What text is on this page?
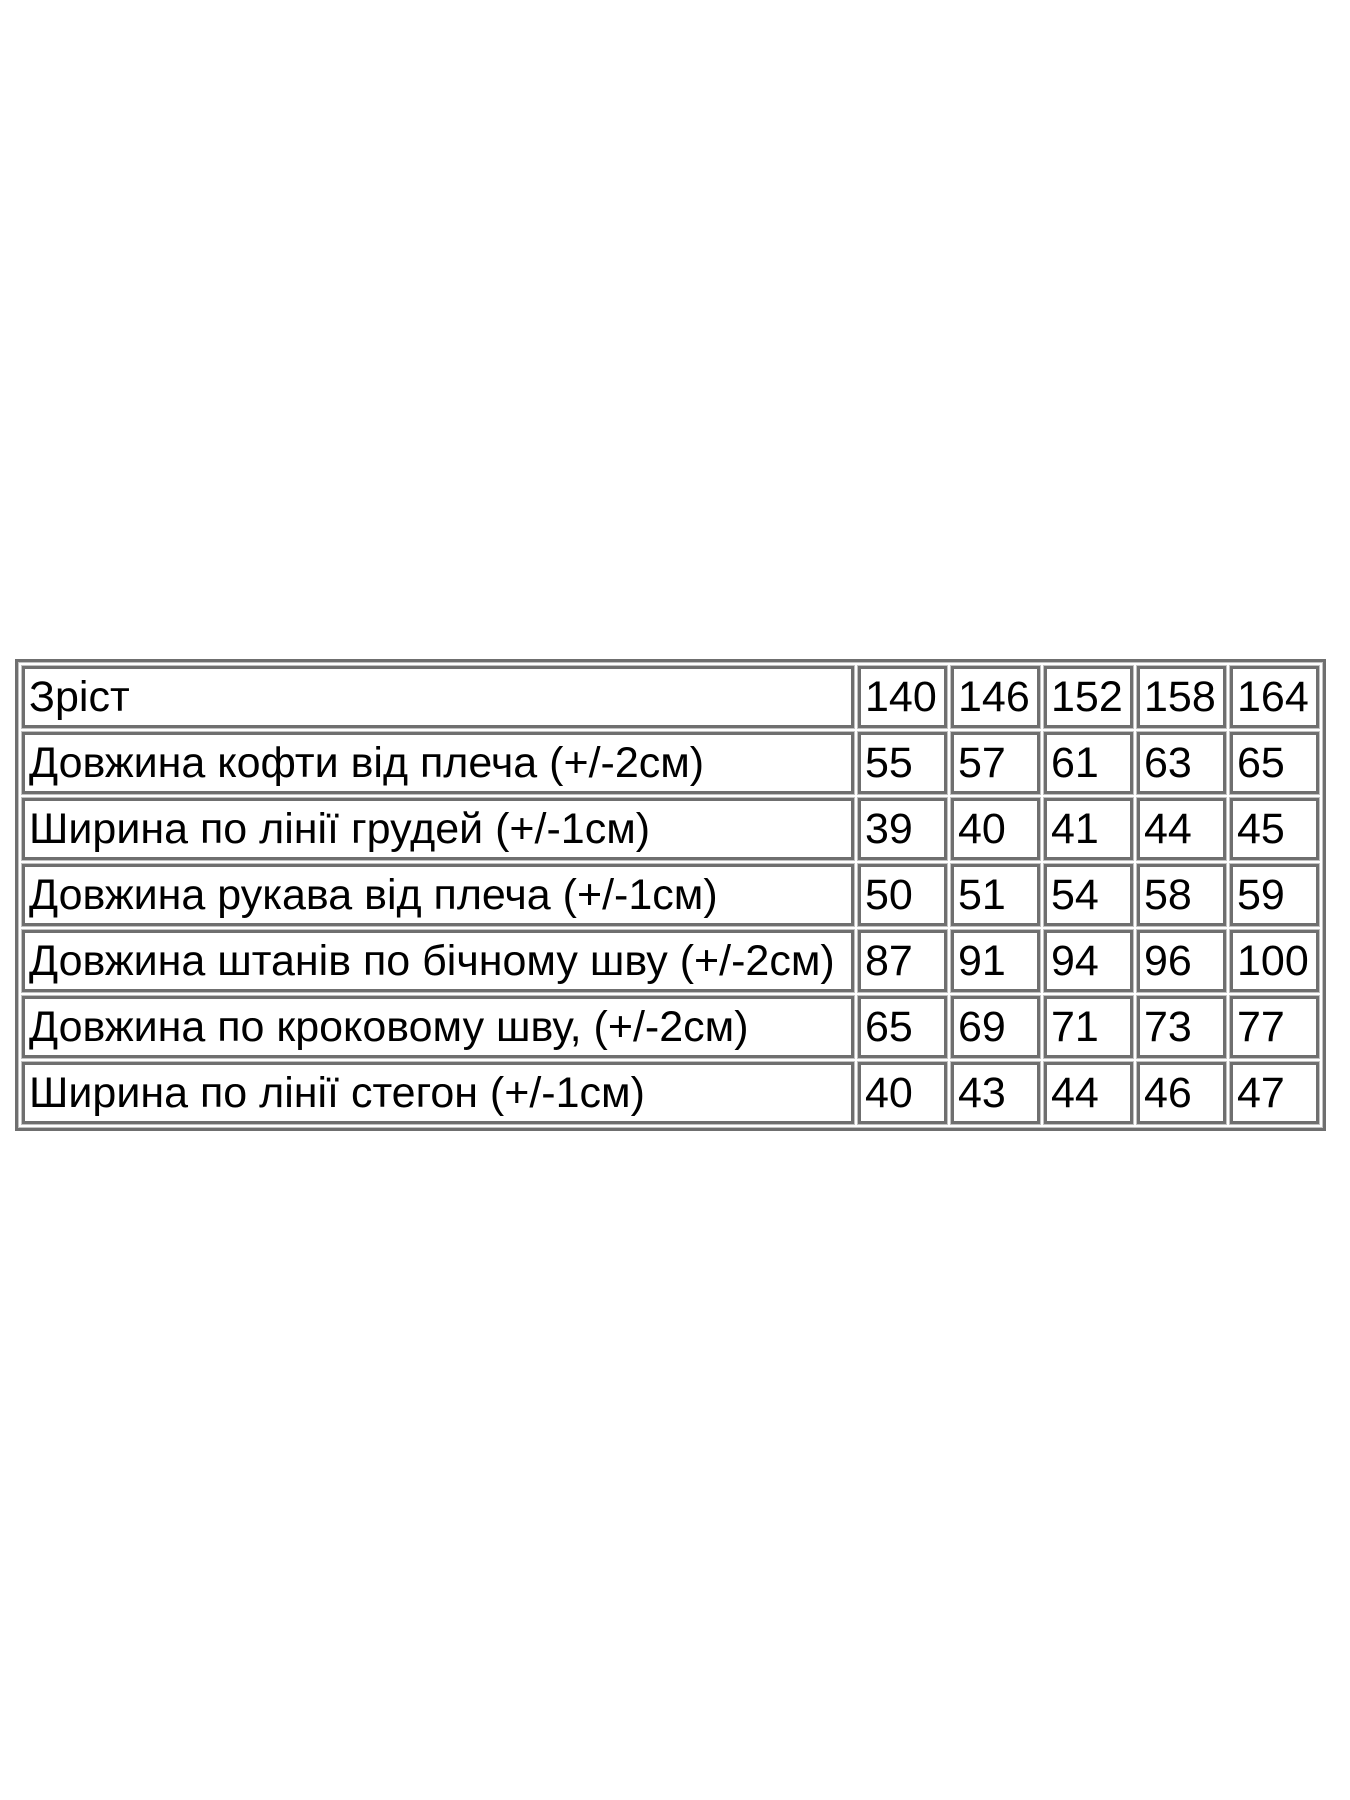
Зріст	140	146	152	158	164
Довжина кофти від плеча (+/-2см)	55	57	61	63	65
Ширина по лінії грудей (+/-1см)	39	40	41	44	45
Довжина рукава від плеча (+/-1см)	50	51	54	58	59
Довжина штанів по бічному шву (+/-2см)	87	91	94	96	100
Довжина по кроковому шву, (+/-2см)	65	69	71	73	77
Ширина по лінії стегон (+/-1см)	40	43	44	46	47
